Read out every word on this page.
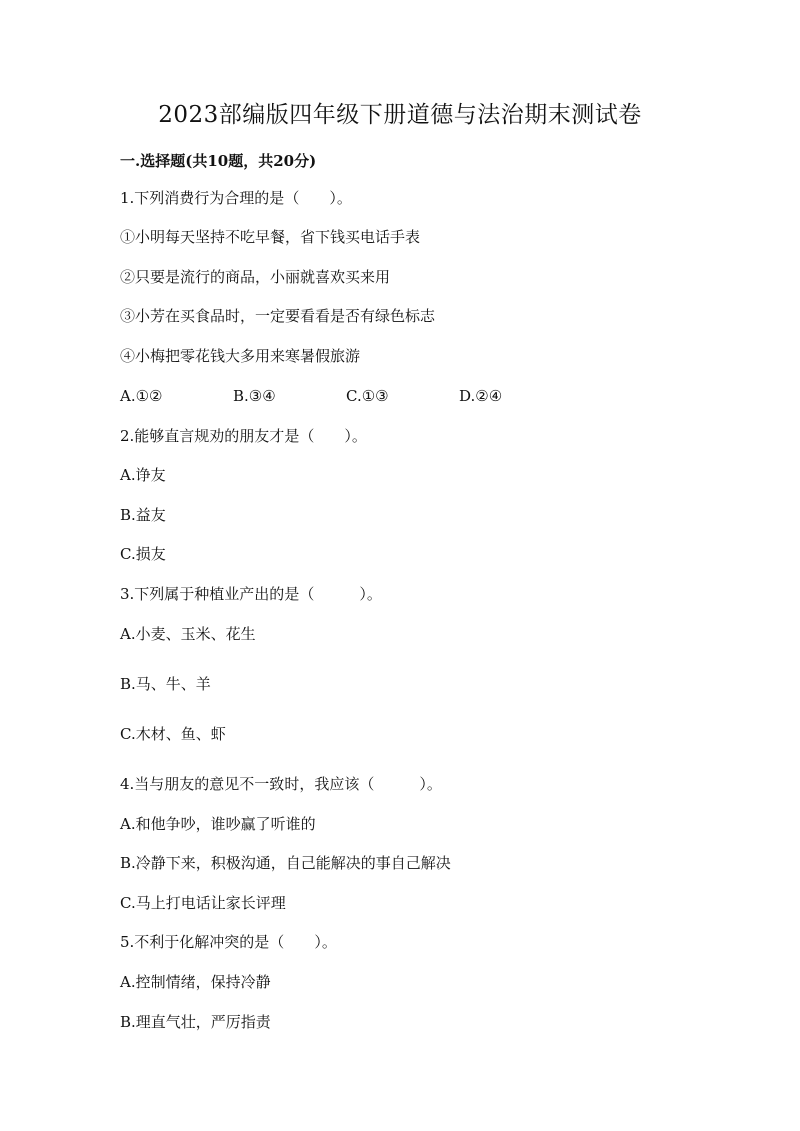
2023部编版四年级下册道德与法治期末测试卷
一.选择题(共10题，共20分)
1.下列消费行为合理的是（　　）。
①小明每天坚持不吃早餐，省下钱买电话手表
②只要是流行的商品，小丽就喜欢买来用
③小芳在买食品时，一定要看看是否有绿色标志
④小梅把零花钱大多用来寒暑假旅游
A.①②	B.③④	C.①③	D.②④
2.能够直言规劝的朋友才是（　　）。
A.诤友
B.益友
C.损友
3.下列属于种植业产出的是（　　　）。
A.小麦、玉米、花生
B.马、牛、羊
C.木材、鱼、虾
4.当与朋友的意见不一致时，我应该（　　　）。
A.和他争吵，谁吵赢了听谁的
B.冷静下来，积极沟通，自己能解决的事自己解决
C.马上打电话让家长评理
5.不利于化解冲突的是（　　）。
A.控制情绪，保持冷静
B.理直气壮，严厉指责
